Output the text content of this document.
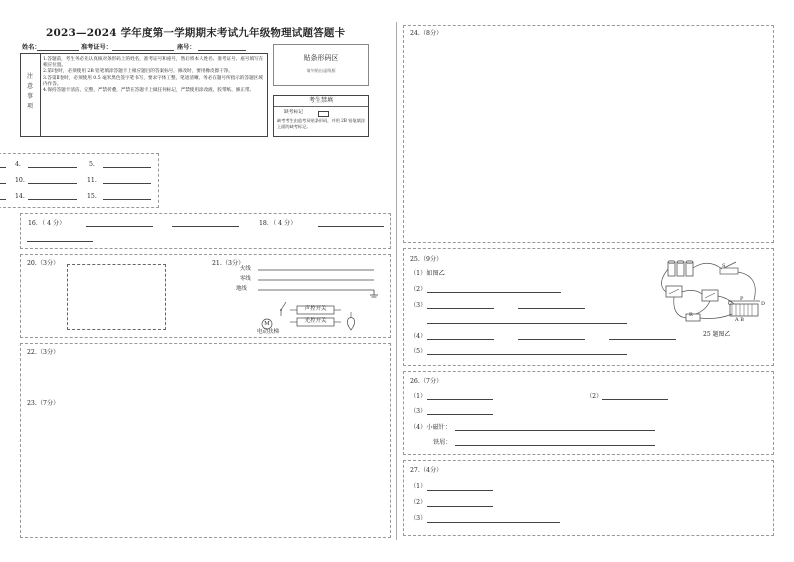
2023—2024 学年度第一学期期末考试九年级物理试题答题卡
姓名：	准考证号：	座号：
注
意
事
项
1.答题前，考生务必先认真核对条形码上的姓名，准考证号和座号，然后将本人姓名、准考证号、座号填写在相应位置。
2.第Ⅰ卷时，必须使用 2B 铅笔填涂答题卡上相应题目的答案标号，修改时，要用橡皮擦干净。
3.答第Ⅱ卷时，必须使用 0.5 毫米黑色签字笔书写，要求字体工整、笔迹清晰。务必在题号所指示的答题区域内作答。
4.保持答题卡清洁、完整，严禁折叠，严禁在答题卡上做任何标记，严禁使用涂改液、胶带纸、修正带。
贴条形码区
请勿贴出虚线框
考生禁填
缺考标记
缺考考生由监考员贴条形码，并用 2B 铅笔填涂上面的缺考标记。
4.	5.
10.	11.
14.	15.
16．（ 4 分）	18．（ 4 分）
20.（3分）	21.（3分）
火线
零线
地线
声控开关
光控开关
M
电动扶梯
22.（3分）
23.（7分）
24.（8分）
25.（9分）
（1）如图乙
（2）
（3）
（4）
（5）
S
R
P
C	D
A B
25 题图乙
26.（7分）
（1）	（2）
（3）
（4）小磁针：
铁屑：
27.（4分）
（1）
（2）
（3）
